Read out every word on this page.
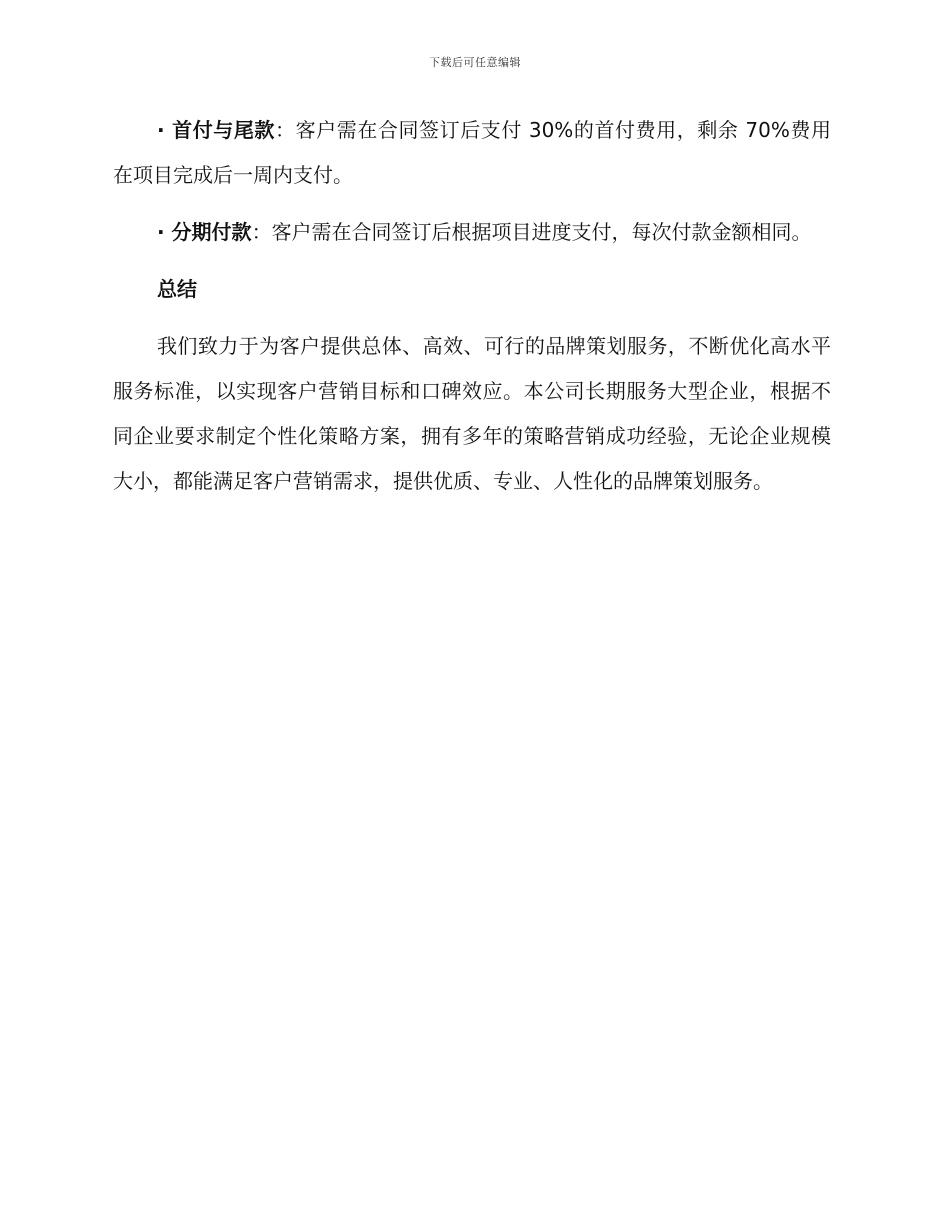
下载后可任意编辑

· 首付与尾款：客户需在合同签订后支付 30%的首付费用，剩余 70%费用在项目完成后一周内支付。

· 分期付款：客户需在合同签订后根据项目进度支付，每次付款金额相同。

总结

我们致力于为客户提供总体、高效、可行的品牌策划服务，不断优化高水平服务标准，以实现客户营销目标和口碑效应。本公司长期服务大型企业，根据不同企业要求制定个性化策略方案，拥有多年的策略营销成功经验，无论企业规模大小，都能满足客户营销需求，提供优质、专业、人性化的品牌策划服务。
